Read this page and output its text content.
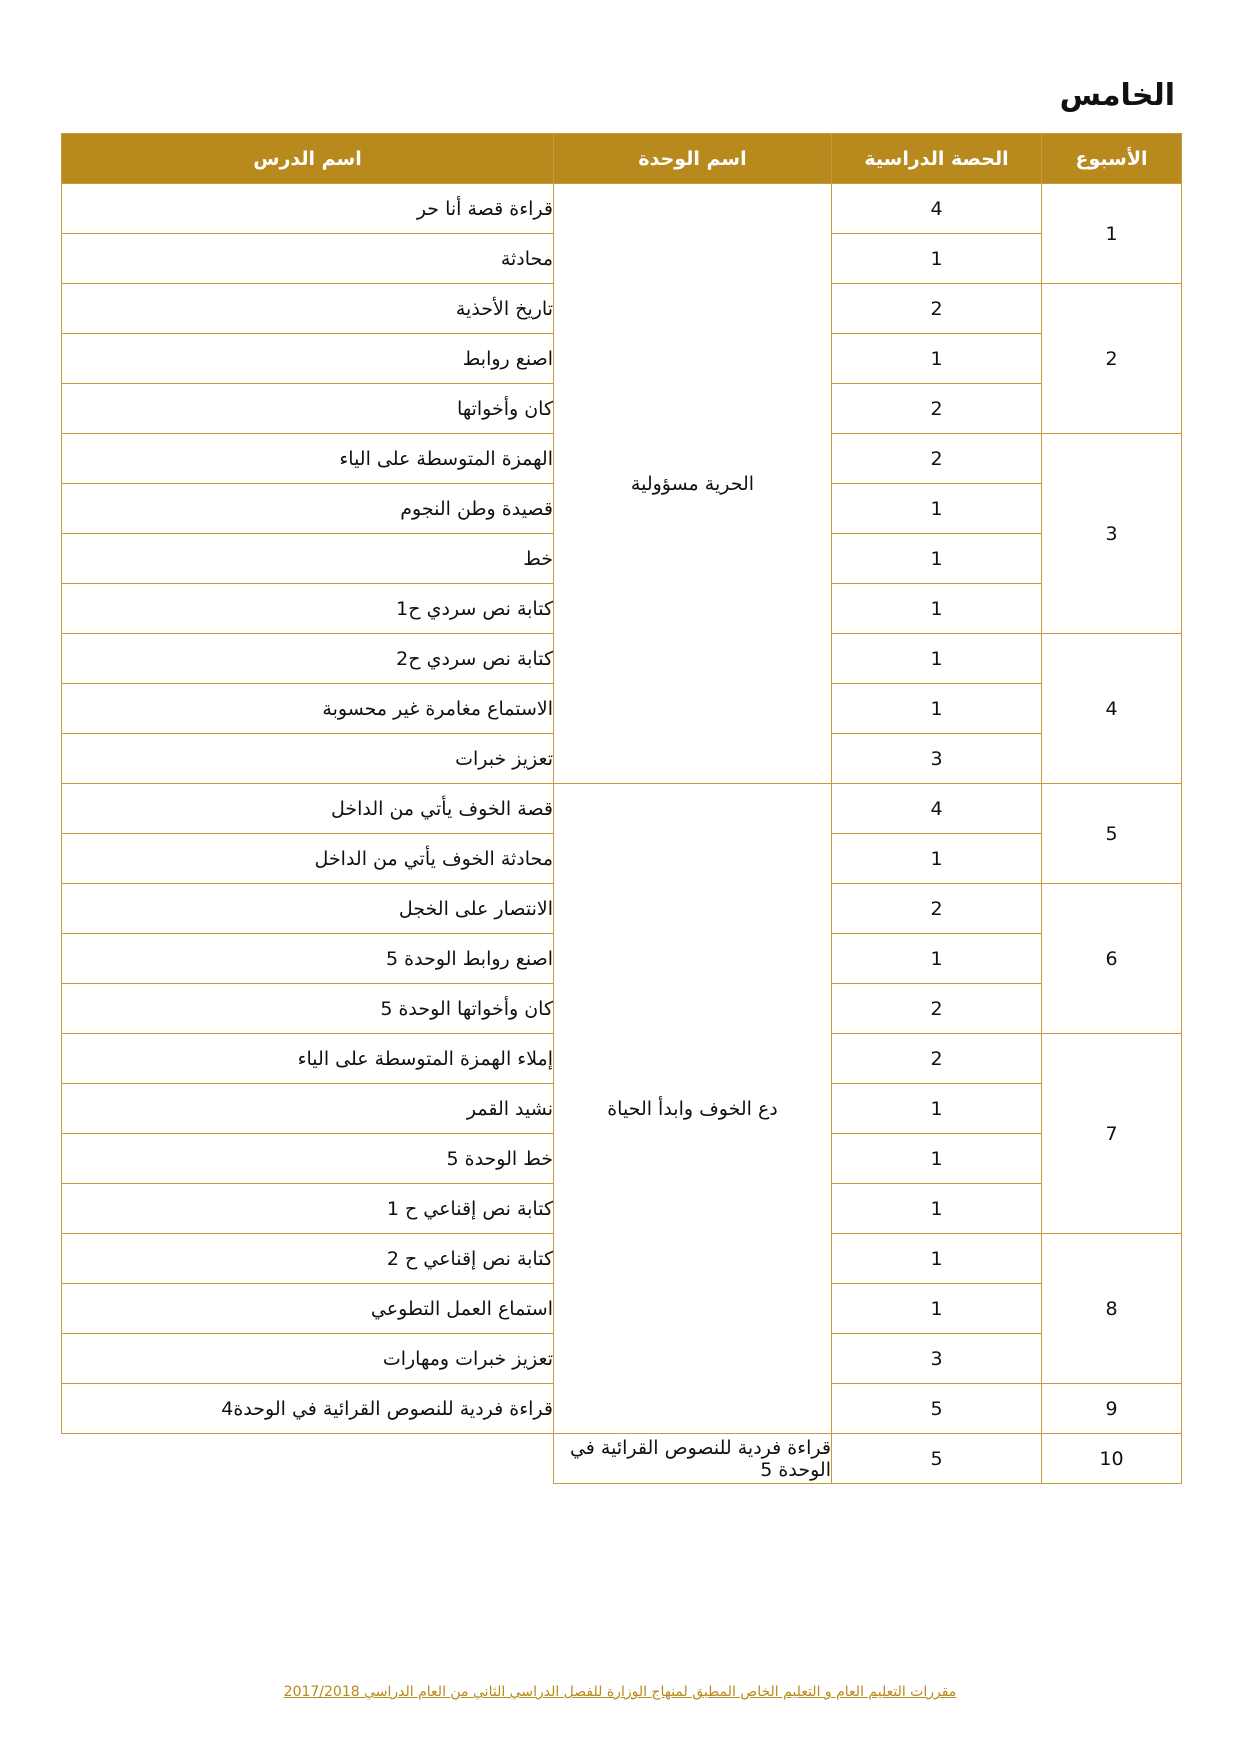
الخامس
الأسبوع	الحصة الدراسية	اسم الوحدة	اسم الدرس
1	4	الحرية مسؤولية	قراءة قصة أنا حر
	1		محادثة
2	2		تاريخ الأحذية
	1		اصنع روابط
	2		كان وأخواتها
3	2		الهمزة المتوسطة على الياء
	1		قصيدة وطن النجوم
	1		خط
	1		كتابة نص سردي ح1
4	1		كتابة نص سردي ح2
	1		الاستماع مغامرة غير محسوبة
	3		تعزيز خبرات
5	4	دع الخوف وابدأ الحياة	قصة الخوف يأتي من الداخل
	1		محادثة الخوف يأتي من الداخل
6	2		الانتصار على الخجل
	1		اصنع روابط الوحدة 5
	2		كان وأخواتها الوحدة 5
7	2		إملاء الهمزة المتوسطة على الياء
	1		نشيد القمر
	1		خط الوحدة 5
	1		كتابة نص إقناعي ح 1
8	1		كتابة نص إقناعي ح 2
	1		استماع العمل التطوعي
	3		تعزيز خبرات ومهارات
9	5		قراءة فردية للنصوص القرائية في الوحدة4
10	5	قراءة فردية للنصوص القرائية في الوحدة 5	
مقررات التعليم العام و التعليم الخاص المطبق لمنهاج الوزارة للفصل الدراسي الثاني من العام الدراسي 2017/2018
